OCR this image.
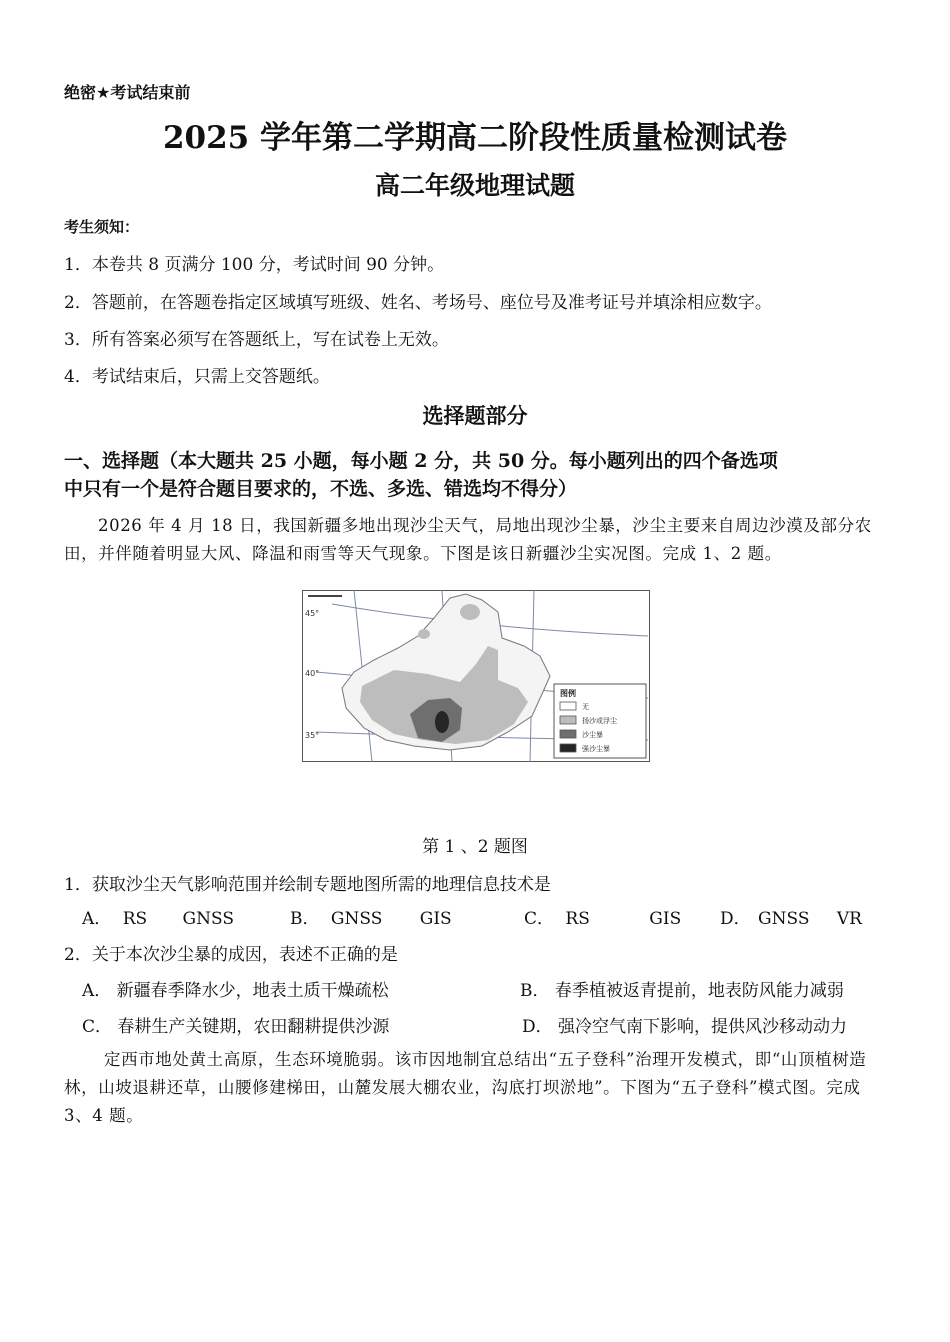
绝密★考试结束前
2025 学年第二学期高二阶段性质量检测试卷
高二年级地理试题
考生须知：
1．本卷共 8 页满分 100 分，考试时间 90 分钟。
2．答题前，在答题卷指定区域填写班级、姓名、考场号、座位号及准考证号并填涂相应数字。
3．所有答案必须写在答题纸上，写在试卷上无效。
4．考试结束后，只需上交答题纸。
选择题部分
一、选择题（本大题共 25 小题，每小题 2 分，共 50 分。每小题列出的四个备选项
中只有一个是符合题目要求的，不选、多选、错选均不得分）
2026 年 4 月 18 日，我国新疆多地出现沙尘天气，局地出现沙尘暴，沙尘主要来自周边沙漠及部分农田，并伴随着明显大风、降温和雨雪等天气现象。下图是该日新疆沙尘实况图。完成 1、2 题。
45°
40°
35°
图例
无
扬沙或浮尘
沙尘暴
强沙尘暴
第 1 、2 题图
1．获取沙尘天气影响范围并绘制专题地图所需的地理信息技术是
A． RS GNSS	B． GNSS GIS	C． RS	GIS D． GNSS VR
2．关于本次沙尘暴的成因，表述不正确的是
A． 新疆春季降水少，地表土质干燥疏松	B． 春季植被返青提前，地表防风能力减弱
C． 春耕生产关键期，农田翻耕提供沙源	D． 强冷空气南下影响，提供风沙移动动力
定西市地处黄土高原，生态环境脆弱。该市因地制宜总结出“五子登科”治理开发模式，即“山顶植树造林，山坡退耕还草，山腰修建梯田，山麓发展大棚农业，沟底打坝淤地”。下图为“五子登科”模式图。完成 3、4 题。
